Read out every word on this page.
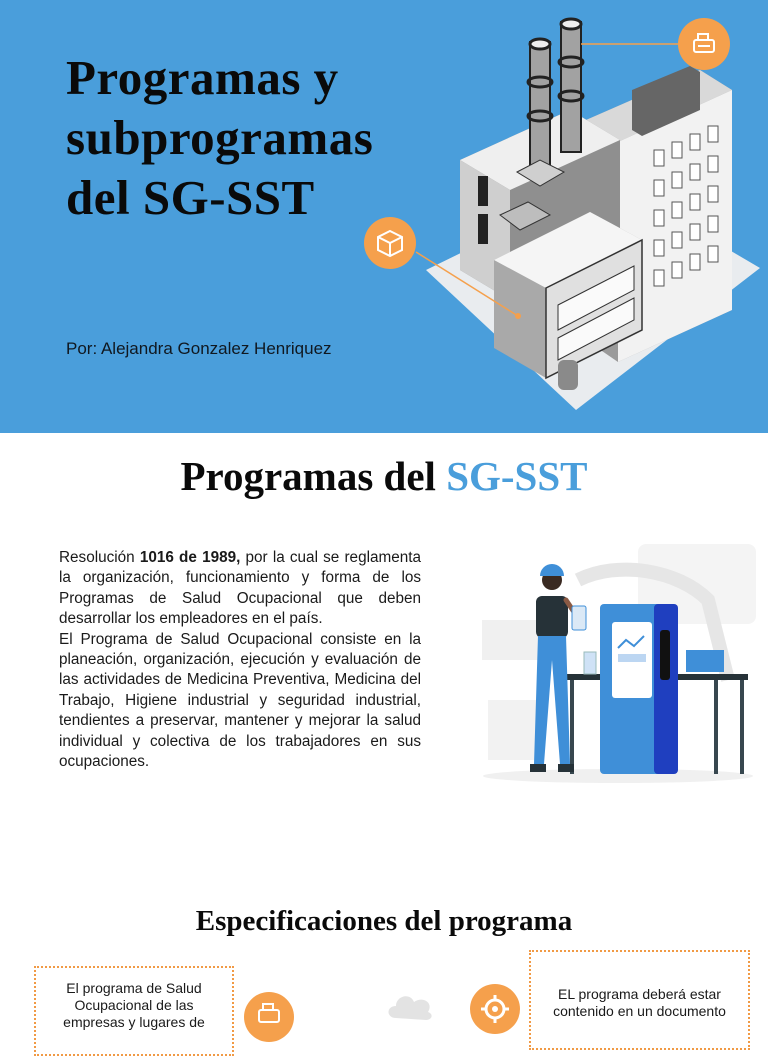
Programas y
subprogramas
del SG-SST
Por: Alejandra Gonzalez Henriquez
Programas del SG-SST

Resolución 1016 de 1989, por la cual se reglamenta la organización, funcionamiento y forma de los Programas de Salud Ocupacional que deben desarrollar los empleadores en el país.

El Programa de Salud Ocupacional consiste en la planeación, organización, ejecución y evaluación de las actividades de Medicina Preventiva, Medicina del Trabajo, Higiene industrial y seguridad industrial, tendientes a preservar, mantener y mejorar la salud individual y colectiva de los trabajadores en sus ocupaciones.

Especificaciones del programa
El programa de Salud Ocupacional de las empresas y lugares de
EL programa deberá estar contenido en un documento
